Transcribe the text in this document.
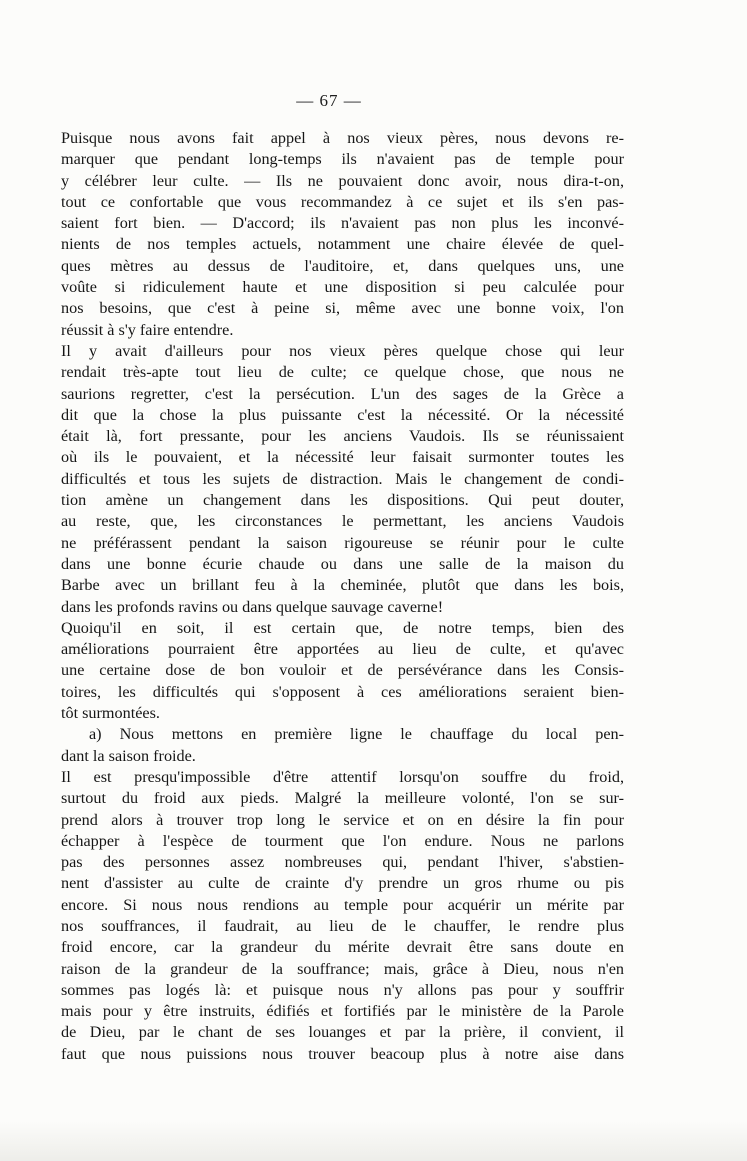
— 67 —
Puisque nous avons fait appel à nos vieux pères, nous devons re-
marquer que pendant long-temps ils n'avaient pas de temple pour
y célébrer leur culte. — Ils ne pouvaient donc avoir, nous dira-t-on,
tout ce confortable que vous recommandez à ce sujet et ils s'en pas-
saient fort bien. — D'accord; ils n'avaient pas non plus les inconvé-
nients de nos temples actuels, notamment une chaire élevée de quel-
ques mètres au dessus de l'auditoire, et, dans quelques uns, une
voûte si ridiculement haute et une disposition si peu calculée pour
nos besoins, que c'est à peine si, même avec une bonne voix, l'on
réussit à s'y faire entendre.
Il y avait d'ailleurs pour nos vieux pères quelque chose qui leur
rendait très-apte tout lieu de culte; ce quelque chose, que nous ne
saurions regretter, c'est la persécution. L'un des sages de la Grèce a
dit que la chose la plus puissante c'est la nécessité. Or la nécessité
était là, fort pressante, pour les anciens Vaudois. Ils se réunissaient
où ils le pouvaient, et la nécessité leur faisait surmonter toutes les
difficultés et tous les sujets de distraction. Mais le changement de condi-
tion amène un changement dans les dispositions. Qui peut douter,
au reste, que, les circonstances le permettant, les anciens Vaudois
ne préférassent pendant la saison rigoureuse se réunir pour le culte
dans une bonne écurie chaude ou dans une salle de la maison du
Barbe avec un brillant feu à la cheminée, plutôt que dans les bois,
dans les profonds ravins ou dans quelque sauvage caverne!
Quoiqu'il en soit, il est certain que, de notre temps, bien des
améliorations pourraient être apportées au lieu de culte, et qu'avec
une certaine dose de bon vouloir et de persévérance dans les Consis-
toires, les difficultés qui s'opposent à ces améliorations seraient bien-
tôt surmontées.
a) Nous mettons en première ligne le chauffage du local pen-
dant la saison froide.
Il est presqu'impossible d'être attentif lorsqu'on souffre du froid,
surtout du froid aux pieds. Malgré la meilleure volonté, l'on se sur-
prend alors à trouver trop long le service et on en désire la fin pour
échapper à l'espèce de tourment que l'on endure. Nous ne parlons
pas des personnes assez nombreuses qui, pendant l'hiver, s'abstien-
nent d'assister au culte de crainte d'y prendre un gros rhume ou pis
encore. Si nous nous rendions au temple pour acquérir un mérite par
nos souffrances, il faudrait, au lieu de le chauffer, le rendre plus
froid encore, car la grandeur du mérite devrait être sans doute en
raison de la grandeur de la souffrance; mais, grâce à Dieu, nous n'en
sommes pas logés là: et puisque nous n'y allons pas pour y souffrir
mais pour y être instruits, édifiés et fortifiés par le ministère de la Parole
de Dieu, par le chant de ses louanges et par la prière, il convient, il
faut que nous puissions nous trouver beacoup plus à notre aise dans
